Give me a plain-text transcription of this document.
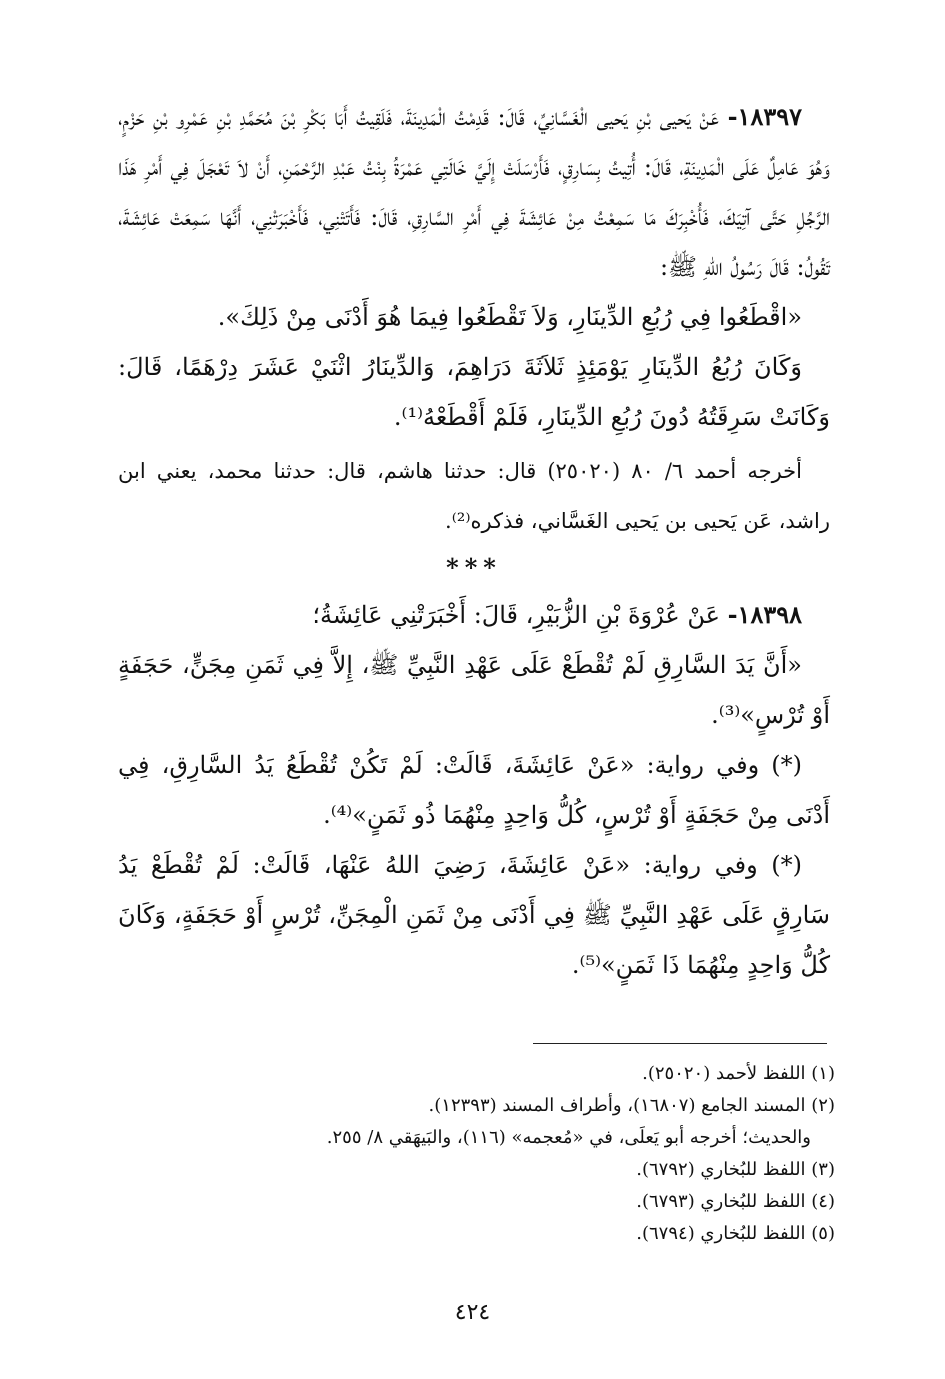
١٨٣٩٧- عَنْ يَحيى بْنِ يَحيى الْغَسَّانِيِّ، قَالَ: قَدِمْتُ الْمَدِينَةَ، فَلَقِيتُ أَبَا بَكْرِ بْنَ مُحَمَّدِ بْنِ عَمْرِو بْنِ حَزْمٍ، وَهُوَ عَامِلٌ عَلَى الْمَدِينَةِ، قَالَ: أُتِيتُ بِسَارِقٍ، فَأَرْسَلَتْ إِلَيَّ خَالَتِي عَمْرَةُ بِنْتُ عَبْدِ الرَّحْمَنِ، أَنْ لاَ تَعْجَلَ فِي أَمْرِ هَذَا الرَّجُلِ حَتَّى آتِيَكَ، فَأُخْبِرَكَ مَا سَمِعْتُ مِنْ عَائِشَةَ فِي أَمْرِ السَّارِقِ، قَالَ: فَأَتَتْنِي، فَأَخْبَرَتْنِي، أَنَّهَا سَمِعَتْ عَائِشَةَ، تَقُولُ: قَالَ رَسُولُ اللهِ ﷺ:

«اقْطَعُوا فِي رُبُعِ الدِّينَارِ، وَلاَ تَقْطَعُوا فِيمَا هُوَ أَدْنَى مِنْ ذَلِكَ».

وَكَانَ رُبُعُ الدِّينَارِ يَوْمَئِذٍ ثَلاَثَةَ دَرَاهِمَ، وَالدِّينَارُ اثْنَيْ عَشَرَ دِرْهَمًا، قَالَ: وَكَانَتْ سَرِقَتُهُ دُونَ رُبُعِ الدِّينَارِ، فَلَمْ أَقْطَعْهُ⁽¹⁾.

أخرجه أحمد ٦/ ٨٠ (٢٥٠٢٠) قال: حدثنا هاشم، قال: حدثنا محمد، يعني ابن راشد، عَن يَحيى بن يَحيى الغَسَّاني، فذكره⁽²⁾.

***

١٨٣٩٨- عَنْ عُرْوَةَ بْنِ الزُّبَيْرِ، قَالَ: أَخْبَرَتْنِي عَائِشَةُ؛

«أَنَّ يَدَ السَّارِقِ لَمْ تُقْطَعْ عَلَى عَهْدِ النَّبِيِّ ﷺ، إِلاَّ فِي ثَمَنِ مِجَنٍّ، حَجَفَةٍ أَوْ تُرْسٍ»⁽³⁾.

(*) وفي رواية: «عَنْ عَائِشَةَ، قَالَتْ: لَمْ تَكُنْ تُقْطَعُ يَدُ السَّارِقِ، فِي أَدْنَى مِنْ حَجَفَةٍ أَوْ تُرْسٍ، كُلُّ وَاحِدٍ مِنْهُمَا ذُو ثَمَنٍ»⁽⁴⁾.

(*) وفي رواية: «عَنْ عَائِشَةَ، رَضِيَ اللهُ عَنْهَا، قَالَتْ: لَمْ تُقْطَعْ يَدُ سَارِقٍ عَلَى عَهْدِ النَّبِيِّ ﷺ فِي أَدْنَى مِنْ ثَمَنِ الْمِجَنِّ، تُرْسٍ أَوْ حَجَفَةٍ، وَكَانَ كُلُّ وَاحِدٍ مِنْهُمَا ذَا ثَمَنٍ»⁽⁵⁾.

(١) اللفظ لأحمد (٢٥٠٢٠).

(٢) المسند الجامع (١٦٨٠٧)، وأطراف المسند (١٢٣٩٣).

والحديث؛ أخرجه أبو يَعلَى، في «مُعجمه» (١١٦)، والبَيهَقي ٨/ ٢٥٥.

(٣) اللفظ للبُخاري (٦٧٩٢).

(٤) اللفظ للبُخاري (٦٧٩٣).

(٥) اللفظ للبُخاري (٦٧٩٤).

٤٢٤
